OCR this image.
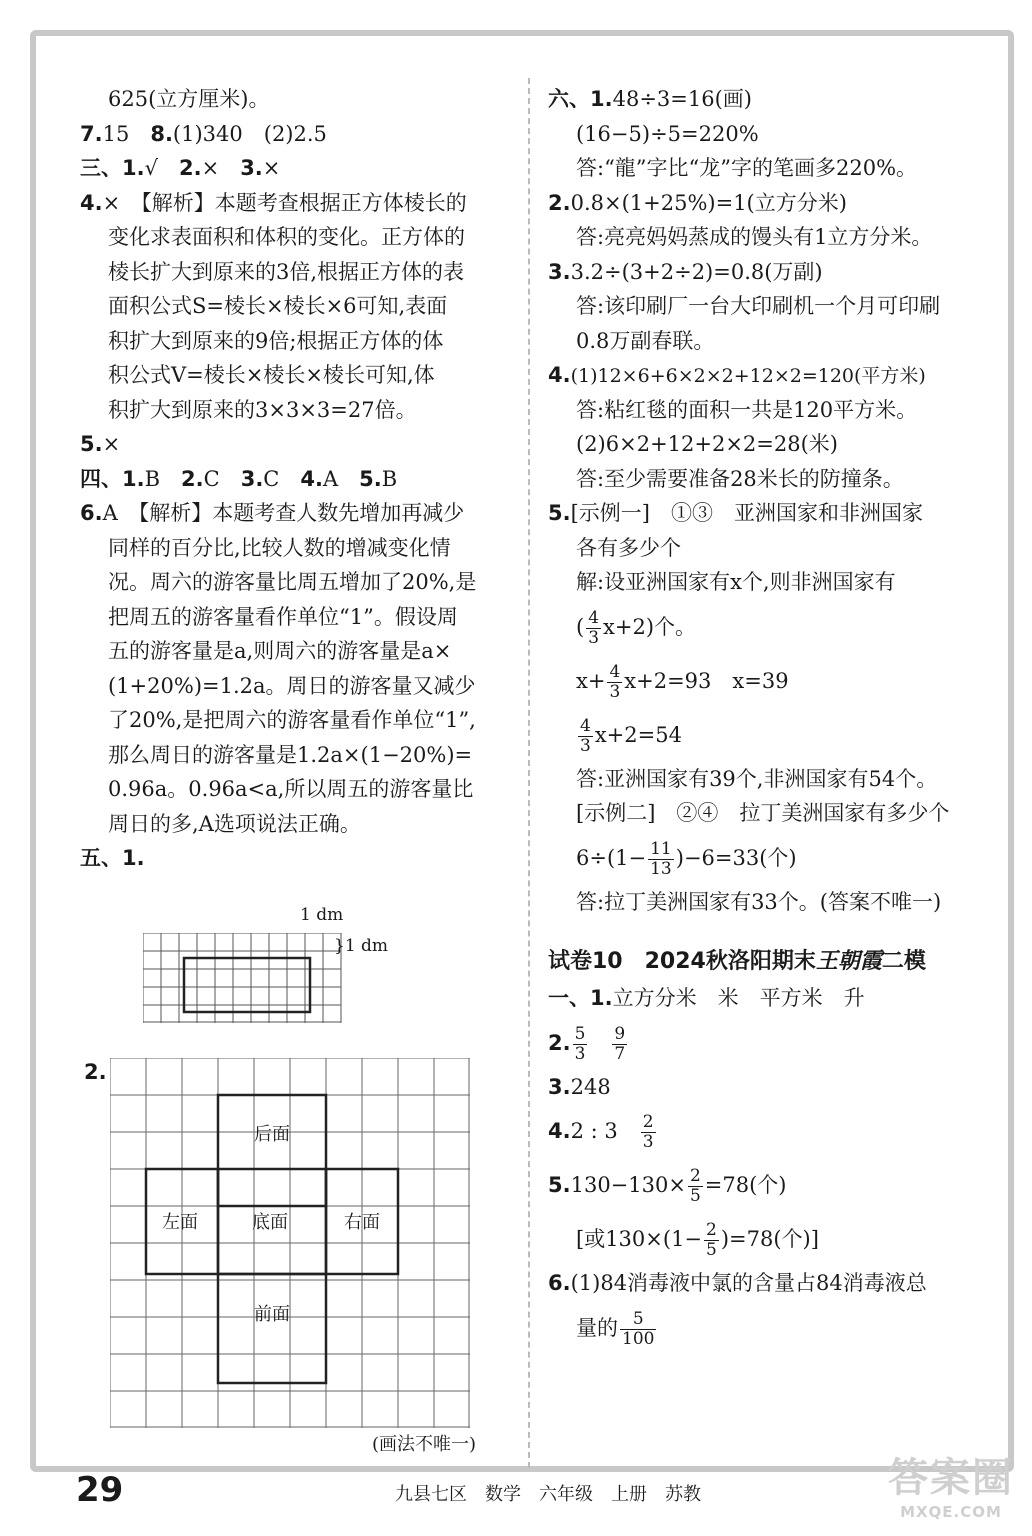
625(立方厘米)。
7.15　 8.(1)340　(2)2.5
三、1.√　 2.×　 3.×
4.×　【解析】本题考查根据正方体棱长的
变化求表面积和体积的变化。正方体的
棱长扩大到原来的3倍,根据正方体的表
面积公式S=棱长×棱长×6可知,表面
积扩大到原来的9倍;根据正方体的体
积公式V=棱长×棱长×棱长可知,体
积扩大到原来的3×3×3=27倍。
5.×
四、1.B　 2.C　 3.C　 4.A　 5.B
6.A　【解析】本题考查人数先增加再减少
同样的百分比,比较人数的增减变化情
况。周六的游客量比周五增加了20%,是
把周五的游客量看作单位“1”。假设周
五的游客量是a,则周六的游客量是a×
(1+20%)=1.2a。周日的游客量又减少
了20%,是把周六的游客量看作单位“1”,
那么周日的游客量是1.2a×(1−20%)=
0.96a。0.96a<a,所以周五的游客量比
周日的多,A选项说法正确。
五、1.
1 dm
}1 dm
2.
后面
左面	底面	右面
前面
(画法不唯一)
六、1.48÷3=16(画)
(16−5)÷5=220%
答:“龍”字比“龙”字的笔画多220%。
2.0.8×(1+25%)=1(立方分米)
答:亮亮妈妈蒸成的馒头有1立方分米。
3.3.2÷(3+2÷2)=0.8(万副)
答:该印刷厂一台大印刷机一个月可印刷
0.8万副春联。
4.(1)12×6+6×2×2+12×2=120(平方米)
答:粘红毯的面积一共是120平方米。
(2)6×2+12+2×2=28(米)
答:至少需要准备28米长的防撞条。
5.[示例一]　①③　亚洲国家和非洲国家
各有多少个
解:设亚洲国家有x个,则非洲国家有
( $\frac{4}{3} x+2$)个。
$x+ \frac{4}{3} x+2=93$　x=39
$\frac{4}{3} x+2=54$
答:亚洲国家有39个,非洲国家有54个。
[示例二]　②④　拉丁美洲国家有多少个
$6\div(1- \frac{11}{13} )-6=33$(个)
答:拉丁美洲国家有33个。(答案不唯一)
试卷10　2024秋洛阳期末王朝霞二模
一、1.立方分米　米　平方米　升
2. $\frac{5}{3}$
　 $\frac{9}{7}$
3.248
4.2 : 3　 $\frac{2}{3}$
$5.130-130\times \frac{2}{5} =78$(个)
[或$130\times(1- \frac{2}{5} )=78$(个)]
6.(1)84消毒液中氯的含量占84消毒液总
量的 $\frac{5}{100}$
29	九县七区　数学　六年级　上册　苏教	答案圈
MXQE.COM
